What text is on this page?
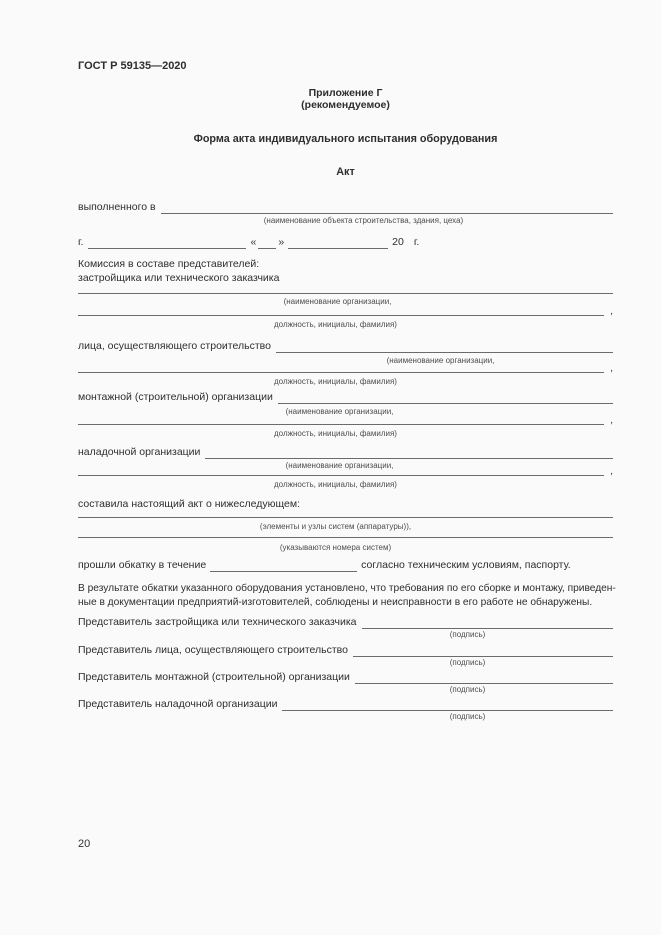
ГОСТ Р 59135—2020
Приложение Г
(рекомендуемое)
Форма акта индивидуального испытания оборудования
Акт
выполненного в
(наименование объекта строительства, здания, цеха)
г.	« »	20 г.
Комиссия в составе представителей:
застройщика или технического заказчика
(наименование организации,
,
должность, инициалы, фамилия)
лица, осуществляющего строительство
(наименование организации,
,
должность, инициалы, фамилия)
монтажной (строительной) организации
(наименование организации,
,
должность, инициалы, фамилия)
наладочной организации
(наименование организации,	,
должность, инициалы, фамилия)
составила настоящий акт о нижеследующем:
(элементы и узлы систем (аппаратуры)),
(указываются номера систем)
прошли обкатку в течение	согласно техническим условиям, паспорту.
В результате обкатки указанного оборудования установлено, что требования по его сборке и монтажу, приведен-
ные в документации предприятий-изготовителей, соблюдены и неисправности в его работе не обнаружены.
Представитель застройщика или технического заказчика
(подпись)
Представитель лица, осуществляющего строительство
(подпись)
Представитель монтажной (строительной) организации
(подпись)
Представитель наладочной организации
(подпись)
20
